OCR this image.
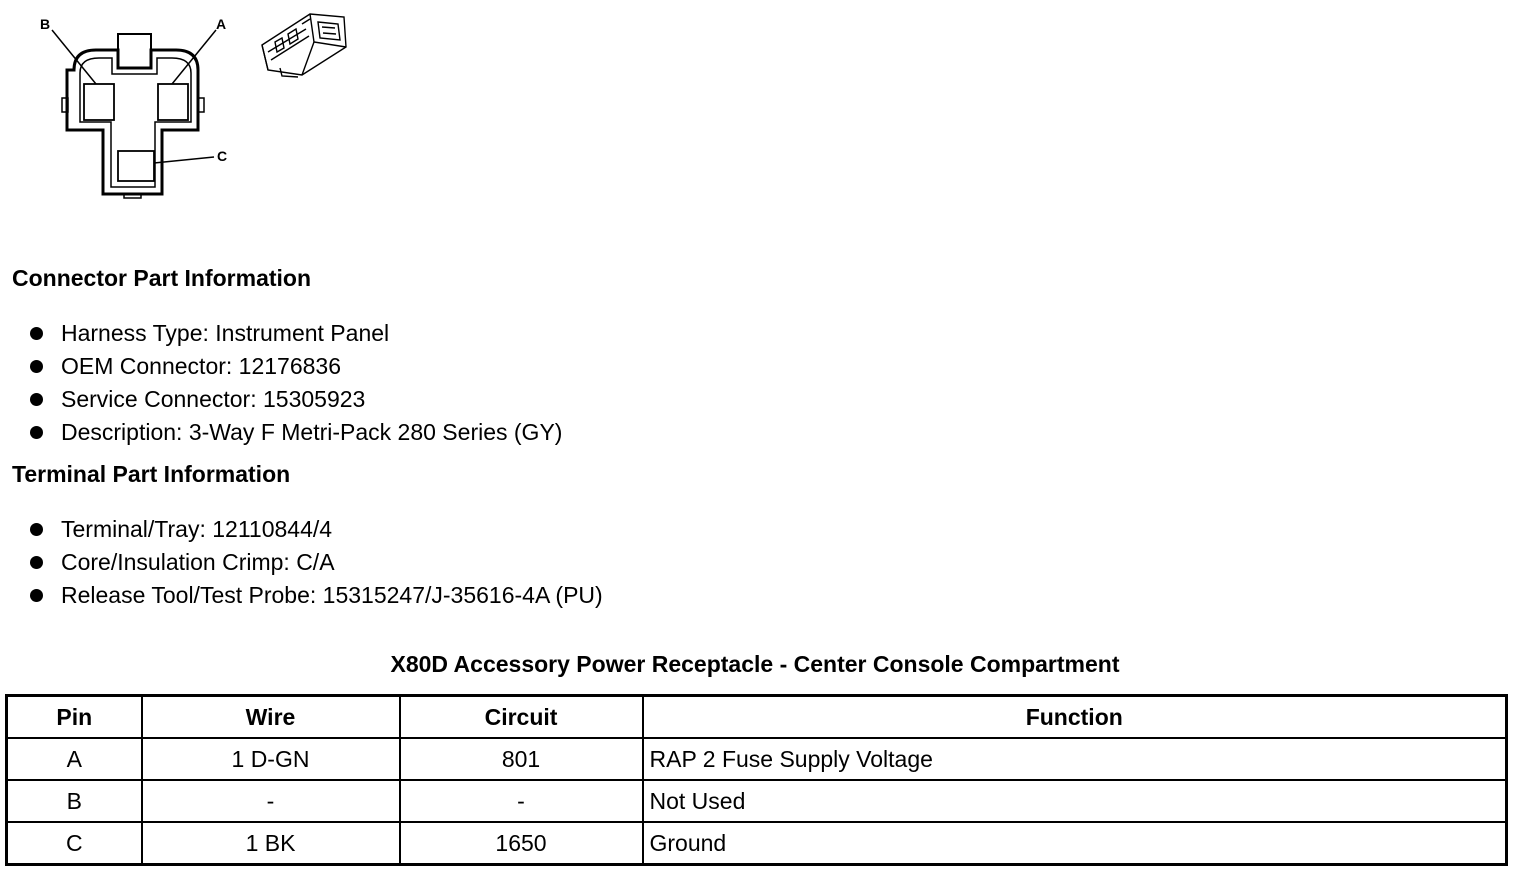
B	A
C
Connector Part Information
Harness Type: Instrument Panel
OEM Connector: 12176836
Service Connector: 15305923
Description: 3-Way F Metri-Pack 280 Series (GY)
Terminal Part Information
Terminal/Tray: 12110844/4
Core/Insulation Crimp: C/A
Release Tool/Test Probe: 15315247/J-35616-4A (PU)
X80D Accessory Power Receptacle - Center Console Compartment
Pin	Wire	Circuit	Function
A	1 D-GN	801	RAP 2 Fuse Supply Voltage
B	-	-	Not Used
C	1 BK	1650	Ground
